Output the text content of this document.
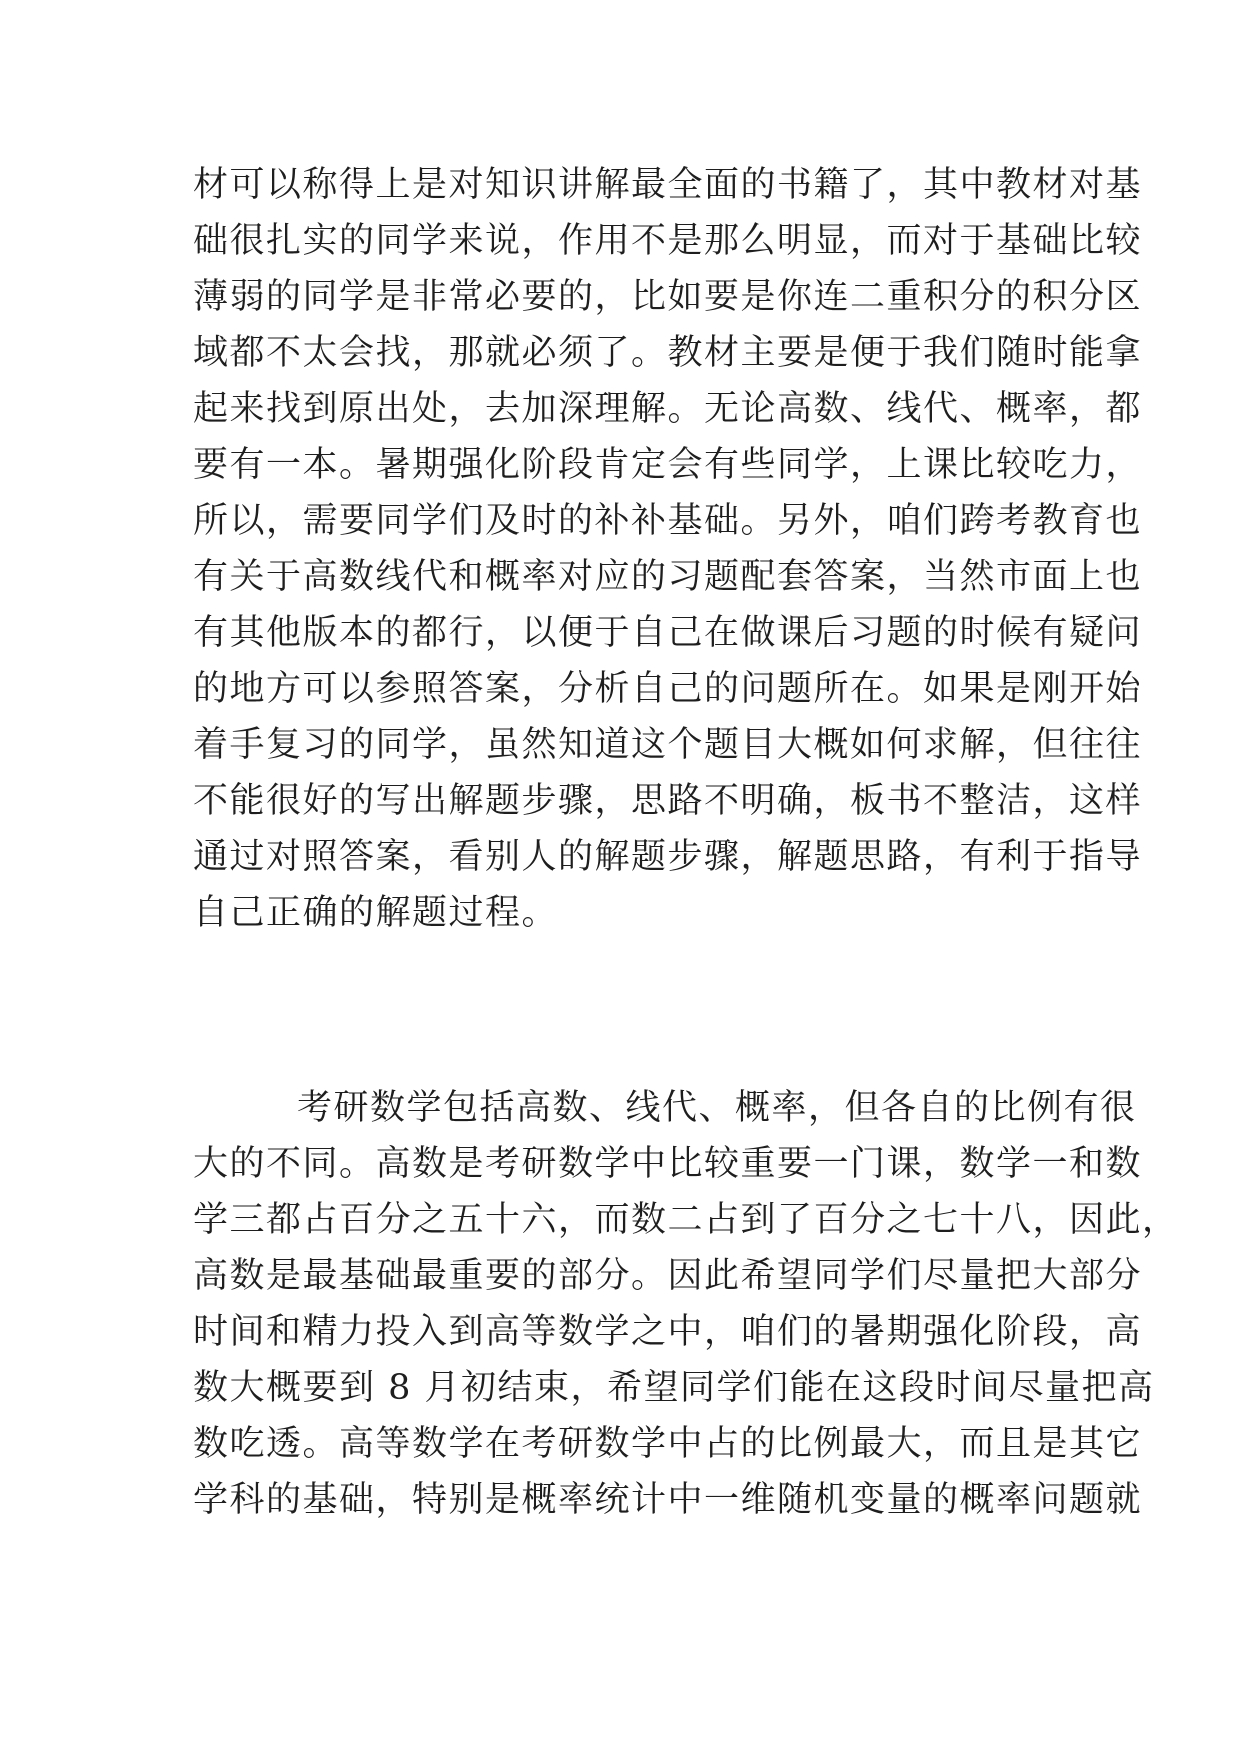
材可以称得上是对知识讲解最全面的书籍了，其中教材对基
础很扎实的同学来说，作用不是那么明显，而对于基础比较
薄弱的同学是非常必要的，比如要是你连二重积分的积分区
域都不太会找，那就必须了。教材主要是便于我们随时能拿
起来找到原出处，去加深理解。无论高数、线代、概率，都
要有一本。暑期强化阶段肯定会有些同学，上课比较吃力，
所以，需要同学们及时的补补基础。另外，咱们跨考教育也
有关于高数线代和概率对应的习题配套答案，当然市面上也
有其他版本的都行，以便于自己在做课后习题的时候有疑问
的地方可以参照答案，分析自己的问题所在。如果是刚开始
着手复习的同学，虽然知道这个题目大概如何求解，但往往
不能很好的写出解题步骤，思路不明确，板书不整洁，这样
通过对照答案，看别人的解题步骤，解题思路，有利于指导
自己正确的解题过程。
考研数学包括高数、线代、概率，但各自的比例有很
大的不同。高数是考研数学中比较重要一门课，数学一和数
学三都占百分之五十六，而数二占到了百分之七十八，因此，
高数是最基础最重要的部分。因此希望同学们尽量把大部分
时间和精力投入到高等数学之中，咱们的暑期强化阶段，高
数大概要到 8 月初结束，希望同学们能在这段时间尽量把高
数吃透。高等数学在考研数学中占的比例最大，而且是其它
学科的基础，特别是概率统计中一维随机变量的概率问题就
